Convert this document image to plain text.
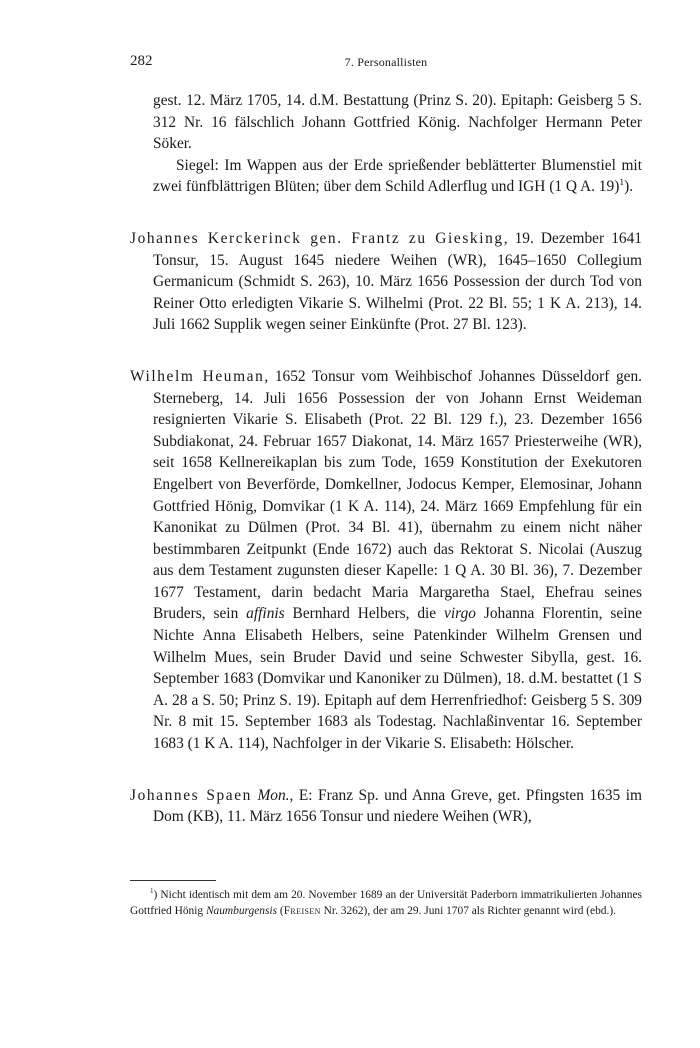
282	7. Personallisten

gest. 12. März 1705, 14. d.M. Bestattung (Prinz S. 20). Epitaph: Geisberg 5 S. 312 Nr. 16 fälschlich Johann Gottfried König. Nachfolger Hermann Peter Söker.

Siegel: Im Wappen aus der Erde sprießender beblätterter Blumenstiel mit zwei fünfblättrigen Blüten; über dem Schild Adlerflug und IGH (1 Q A. 19)$^1$).

Johannes Kerckerinck gen. Frantz zu Giesking, 19. Dezember 1641 Tonsur, 15. August 1645 niedere Weihen (WR), 1645–1650 Collegium Germanicum (Schmidt S. 263), 10. März 1656 Possession der durch Tod von Reiner Otto erledigten Vikarie S. Wilhelmi (Prot. 22 Bl. 55; 1 K A. 213), 14. Juli 1662 Supplik wegen seiner Einkünfte (Prot. 27 Bl. 123).

Wilhelm Heuman, 1652 Tonsur vom Weihbischof Johannes Düsseldorf gen. Sterneberg, 14. Juli 1656 Possession der von Johann Ernst Weideman resignierten Vikarie S. Elisabeth (Prot. 22 Bl. 129 f.), 23. Dezember 1656 Subdiakonat, 24. Februar 1657 Diakonat, 14. März 1657 Priesterweihe (WR), seit 1658 Kellnereikaplan bis zum Tode, 1659 Konstitution der Exekutoren Engelbert von Beverförde, Domkellner, Jodocus Kemper, Elemosinar, Johann Gottfried Hönig, Domvikar (1 K A. 114), 24. März 1669 Empfehlung für ein Kanonikat zu Dülmen (Prot. 34 Bl. 41), übernahm zu einem nicht näher bestimmbaren Zeitpunkt (Ende 1672) auch das Rektorat S. Nicolai (Auszug aus dem Testament zugunsten dieser Kapelle: 1 Q A. 30 Bl. 36), 7. Dezember 1677 Testament, darin bedacht Maria Margaretha Stael, Ehefrau seines Bruders, sein affinis Bernhard Helbers, die virgo Johanna Florentin, seine Nichte Anna Elisabeth Helbers, seine Patenkinder Wilhelm Grensen und Wilhelm Mues, sein Bruder David und seine Schwester Sibylla, gest. 16. September 1683 (Domvikar und Kanoniker zu Dülmen), 18. d.M. bestattet (1 S A. 28 a S. 50; Prinz S. 19). Epitaph auf dem Herrenfriedhof: Geisberg 5 S. 309 Nr. 8 mit 15. September 1683 als Todestag. Nachlaßinventar 16. September 1683 (1 K A. 114), Nachfolger in der Vikarie S. Elisabeth: Hölscher.

Johannes Spaen Mon., E: Franz Sp. und Anna Greve, get. Pfingsten 1635 im Dom (KB), 11. März 1656 Tonsur und niedere Weihen (WR),

$^1$) Nicht identisch mit dem am 20. November 1689 an der Universität Paderborn immatrikulierten Johannes Gottfried Hönig Naumburgensis (Freisen Nr. 3262), der am 29. Juni 1707 als Richter genannt wird (ebd.).
